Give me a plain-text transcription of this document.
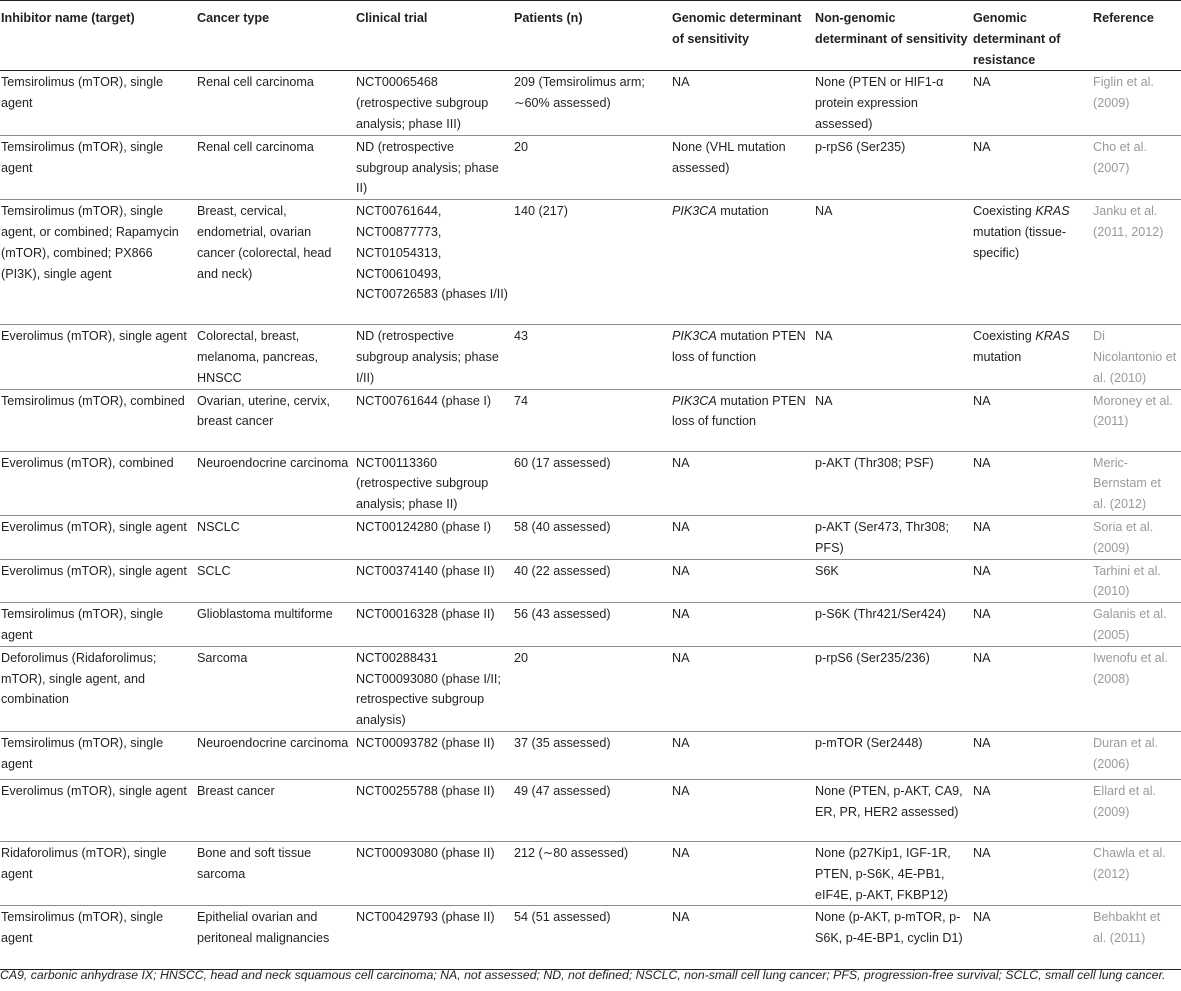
Inhibitor name (target)	Cancer type	Clinical trial	Patients (n)	Genomic determinant of sensitivity	Non-genomic determinant of sensitivity	Genomic determinant of resistance	Reference
Temsirolimus (mTOR), single agent	Renal cell carcinoma	NCT00065468 (retrospective subgroup analysis; phase III)	209 (Temsirolimus arm; ∼60% assessed)	NA	None (PTEN or HIF1-α protein expression assessed)	NA	Figlin et al. (2009)
Temsirolimus (mTOR), single agent	Renal cell carcinoma	ND (retrospective subgroup analysis; phase II)	20	None (VHL mutation assessed)	p-rpS6 (Ser235)	NA	Cho et al. (2007)
Temsirolimus (mTOR), single agent, or combined; Rapamycin (mTOR), combined; PX866 (PI3K), single agent	Breast, cervical, endometrial, ovarian cancer (colorectal, head and neck)	NCT00761644, NCT00877773, NCT01054313, NCT00610493, NCT00726583 (phases I/II)	140 (217)	PIK3CA mutation	NA	Coexisting KRAS mutation (tissue-specific)	Janku et al. (2011, 2012)
Everolimus (mTOR), single agent	Colorectal, breast, melanoma, pancreas, HNSCC	ND (retrospective subgroup analysis; phase I/II)	43	PIK3CA mutation PTEN loss of function	NA	Coexisting KRAS mutation	Di Nicolantonio et al. (2010)
Temsirolimus (mTOR), combined	Ovarian, uterine, cervix, breast cancer	NCT00761644 (phase I)	74	PIK3CA mutation PTEN loss of function	NA	NA	Moroney et al. (2011)
Everolimus (mTOR), combined	Neuroendocrine carcinoma	NCT00113360 (retrospective subgroup analysis; phase II)	60 (17 assessed)	NA	p-AKT (Thr308; PSF)	NA	Meric-Bernstam et al. (2012)
Everolimus (mTOR), single agent	NSCLC	NCT00124280 (phase I)	58 (40 assessed)	NA	p-AKT (Ser473, Thr308; PFS)	NA	Soria et al. (2009)
Everolimus (mTOR), single agent	SCLC	NCT00374140 (phase II)	40 (22 assessed)	NA	S6K	NA	Tarhini et al. (2010)
Temsirolimus (mTOR), single agent	Glioblastoma multiforme	NCT00016328 (phase II)	56 (43 assessed)	NA	p-S6K (Thr421/Ser424)	NA	Galanis et al. (2005)
Deforolimus (Ridaforolimus; mTOR), single agent, and combination	Sarcoma	NCT00288431 NCT00093080 (phase I/II; retrospective subgroup analysis)	20	NA	p-rpS6 (Ser235/236)	NA	Iwenofu et al. (2008)
Temsirolimus (mTOR), single agent	Neuroendocrine carcinoma	NCT00093782 (phase II)	37 (35 assessed)	NA	p-mTOR (Ser2448)	NA	Duran et al. (2006)
Everolimus (mTOR), single agent	Breast cancer	NCT00255788 (phase II)	49 (47 assessed)	NA	None (PTEN, p-AKT, CA9, ER, PR, HER2 assessed)	NA	Ellard et al. (2009)
Ridaforolimus (mTOR), single agent	Bone and soft tissue sarcoma	NCT00093080 (phase II)	212 (∼80 assessed)	NA	None (p27Kip1, IGF-1R, PTEN, p-S6K, 4E-PB1, eIF4E, p-AKT, FKBP12)	NA	Chawla et al. (2012)
Temsirolimus (mTOR), single agent	Epithelial ovarian and peritoneal malignancies	NCT00429793 (phase II)	54 (51 assessed)	NA	None (p-AKT, p-mTOR, p-S6K, p-4E-BP1, cyclin D1)	NA	Behbakht et al. (2011)
CA9, carbonic anhydrase IX; HNSCC, head and neck squamous cell carcinoma; NA, not assessed; ND, not defined; NSCLC, non-small cell lung cancer; PFS, progression-free survival; SCLC, small cell lung cancer.
